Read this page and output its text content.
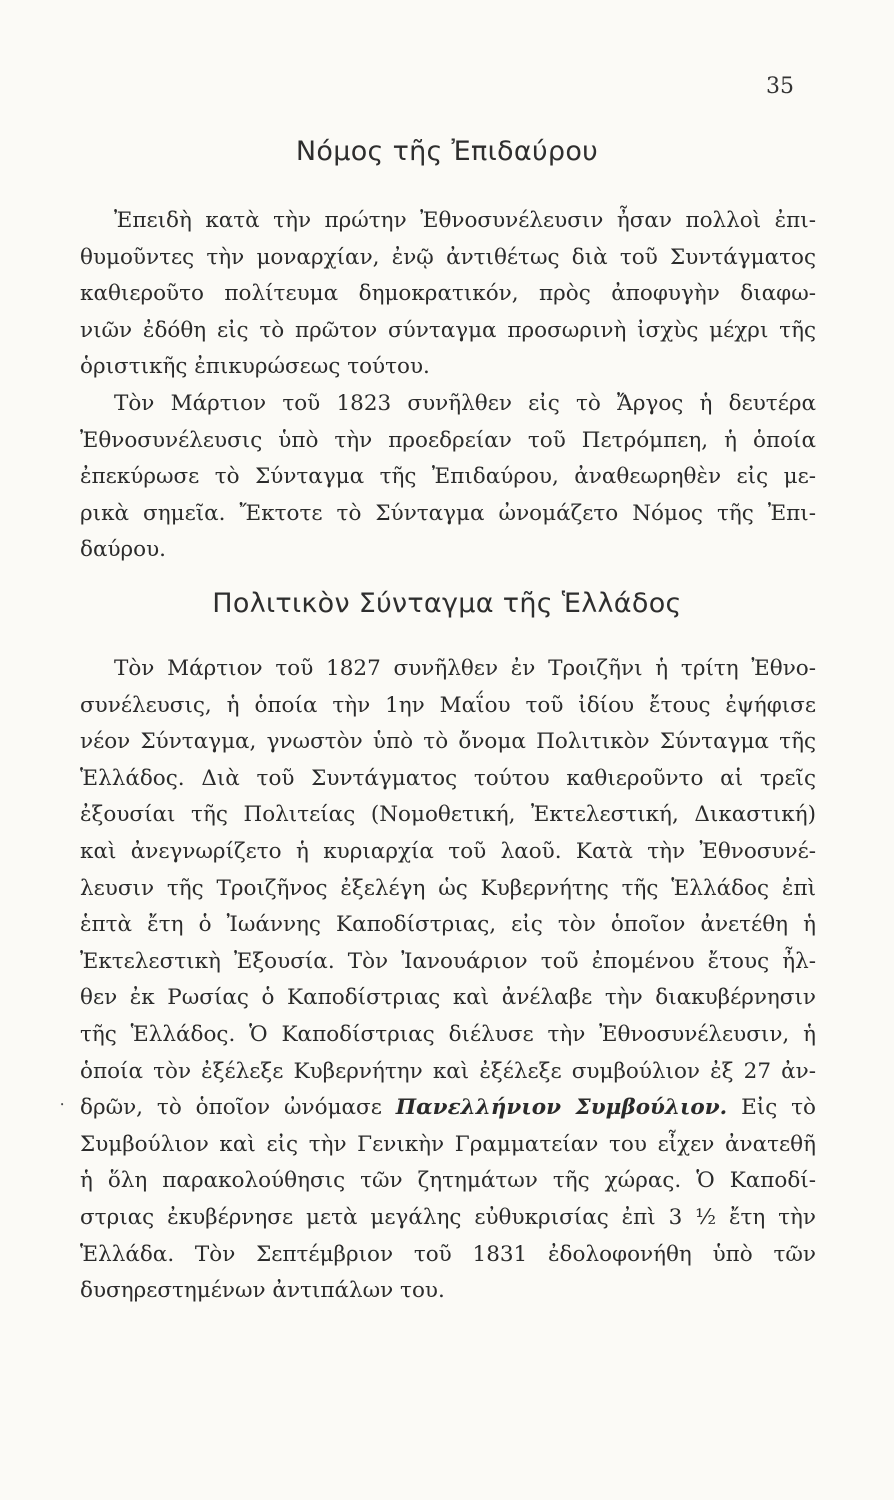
35
Νόμος τῆς Ἐπιδαύρου
Ἐπειδὴ κατὰ τὴν πρώτην Ἐθνοσυνέλευσιν ἦσαν πολλοὶ ἐπι-
θυμοῦντες τὴν μοναρχίαν, ἐνῷ ἀντιθέτως διὰ τοῦ Συντάγματος
καθιεροῦτο πολίτευμα δημοκρατικόν, πρὸς ἀποφυγὴν διαφω-
νιῶν ἐδόθη εἰς τὸ πρῶτον σύνταγμα προσωρινὴ ἰσχὺς μέχρι τῆς
ὁριστικῆς ἐπικυρώσεως τούτου.
Τὸν Μάρτιον τοῦ 1823 συνῆλθεν εἰς τὸ Ἄργος ἡ δευτέρα
Ἐθνοσυνέλευσις ὑπὸ τὴν προεδρείαν τοῦ Πετρόμπεη, ἡ ὁποία
ἐπεκύρωσε τὸ Σύνταγμα τῆς Ἐπιδαύρου, ἀναθεωρηθὲν εἰς με-
ρικὰ σημεῖα. Ἔκτοτε τὸ Σύνταγμα ὠνομάζετο Νόμος τῆς Ἐπι-
δαύρου.
Πολιτικὸν Σύνταγμα τῆς Ἑλλάδος
Τὸν Μάρτιον τοῦ 1827 συνῆλθεν ἐν Τροιζῆνι ἡ τρίτη Ἐθνο-
συνέλευσις, ἡ ὁποία τὴν 1ην Μαΐου τοῦ ἰδίου ἔτους ἐψήφισε
νέον Σύνταγμα, γνωστὸν ὑπὸ τὸ ὄνομα Πολιτικὸν Σύνταγμα τῆς
Ἑλλάδος. Διὰ τοῦ Συντάγματος τούτου καθιεροῦντο αἱ τρεῖς
ἐξουσίαι τῆς Πολιτείας (Νομοθετική, Ἐκτελεστική, Δικαστική)
καὶ ἀνεγνωρίζετο ἡ κυριαρχία τοῦ λαοῦ. Κατὰ τὴν Ἐθνοσυνέ-
λευσιν τῆς Τροιζῆνος ἐξελέγη ὡς Κυβερνήτης τῆς Ἑλλάδος ἐπὶ
ἑπτὰ ἔτη ὁ Ἰωάννης Καποδίστριας, εἰς τὸν ὁποῖον ἀνετέθη ἡ
Ἐκτελεστικὴ Ἐξουσία. Τὸν Ἰανουάριον τοῦ ἐπομένου ἔτους ἦλ-
θεν ἐκ Ρωσίας ὁ Καποδίστριας καὶ ἀνέλαβε τὴν διακυβέρνησιν
τῆς Ἑλλάδος. Ὁ Καποδίστριας διέλυσε τὴν Ἐθνοσυνέλευσιν, ἡ
ὁποία τὸν ἐξέλεξε Κυβερνήτην καὶ ἐξέλεξε συμβούλιον ἐξ 27 ἀν-
δρῶν, τὸ ὁποῖον ὠνόμασε Πανελλήνιον Συμβούλιον. Εἰς τὸ
Συμβούλιον καὶ εἰς τὴν Γενικὴν Γραμματείαν του εἶχεν ἀνατεθῆ
ἡ ὅλη παρακολούθησις τῶν ζητημάτων τῆς χώρας. Ὁ Καποδί-
στριας ἐκυβέρνησε μετὰ μεγάλης εὐθυκρισίας ἐπὶ 3 ½ ἔτη τὴν
Ἑλλάδα. Τὸν Σεπτέμβριον τοῦ 1831 ἐδολοφονήθη ὑπὸ τῶν
δυσηρεστημένων ἀντιπάλων του.
⸱
